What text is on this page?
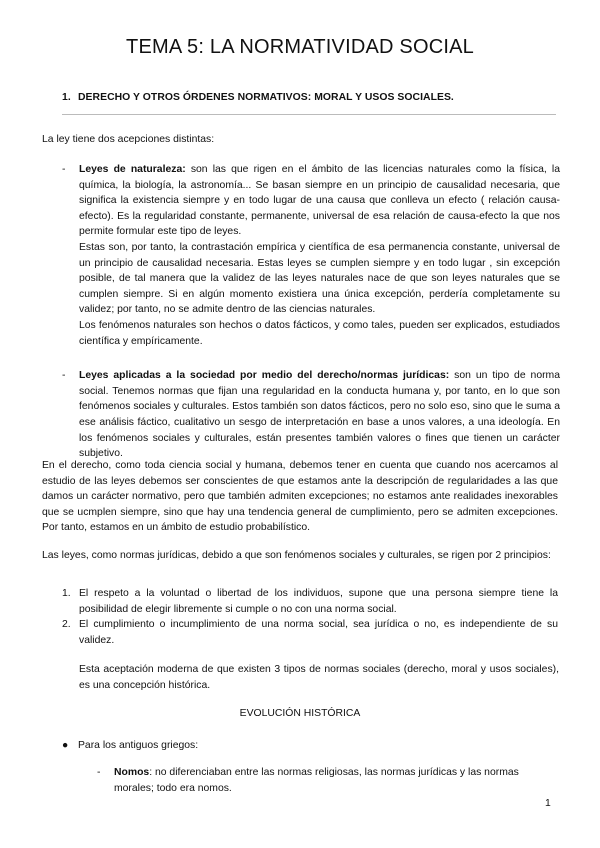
TEMA 5: LA NORMATIVIDAD SOCIAL
1. DERECHO Y OTROS ÓRDENES NORMATIVOS: MORAL Y USOS SOCIALES.
La ley tiene dos acepciones distintas:
- Leyes de naturaleza: son las que rigen en el ámbito de las licencias naturales como la física, la química, la biología, la astronomía... Se basan siempre en un principio de causalidad necesaria, que significa la existencia siempre y en todo lugar de una causa que conlleva un efecto ( relación causa-efecto). Es la regularidad constante, permanente, universal de esa relación de causa-efecto la que nos permite formular este tipo de leyes.

Estas son, por tanto, la contrastación empírica y científica de esa permanencia constante, universal de un principio de causalidad necesaria. Estas leyes se cumplen siempre y en todo lugar , sin excepción posible, de tal manera que la validez de las leyes naturales nace de que son leyes naturales que se cumplen siempre. Si en algún momento existiera una única excepción, perdería completamente su validez; por tanto, no se admite dentro de las ciencias naturales.

Los fenómenos naturales son hechos o datos fácticos, y como tales, pueden ser explicados, estudiados científica y empíricamente.

- Leyes aplicadas a la sociedad por medio del derecho/normas jurídicas: son un tipo de norma social. Tenemos normas que fijan una regularidad en la conducta humana y, por tanto, en lo que son fenómenos sociales y culturales. Estos también son datos fácticos, pero no solo eso, sino que le suma a ese análisis fáctico, cualitativo un sesgo de interpretación en base a unos valores, a una ideología. En los fenómenos sociales y culturales, están presentes también valores o fines que tienen un carácter subjetivo.

En el derecho, como toda ciencia social y humana, debemos tener en cuenta que cuando nos acercamos al estudio de las leyes debemos ser conscientes de que estamos ante la descripción de regularidades a las que damos un carácter normativo, pero que también admiten excepciones; no estamos ante realidades inexorables que se ucmplen siempre, sino que hay una tendencia general de cumplimiento, pero se admiten excepciones. Por tanto, estamos en un ámbito de estudio probabilístico.
Las leyes, como normas jurídicas, debido a que son fenómenos sociales y culturales, se rigen por 2 principios:
1. El respeto a la voluntad o libertad de los individuos, supone que una persona siempre tiene la posibilidad de elegir libremente si cumple o no con una norma social.
2. El cumplimiento o incumplimiento de una norma social, sea jurídica o no, es independiente de su validez.
Esta aceptación moderna de que existen 3 tipos de normas sociales (derecho, moral y usos sociales), es una concepción histórica.
EVOLUCIÓN HISTÓRICA
● Para los antiguos griegos:
-	Nomos: no diferenciaban entre las normas religiosas, las normas jurídicas y las normas morales; todo era nomos.
1
